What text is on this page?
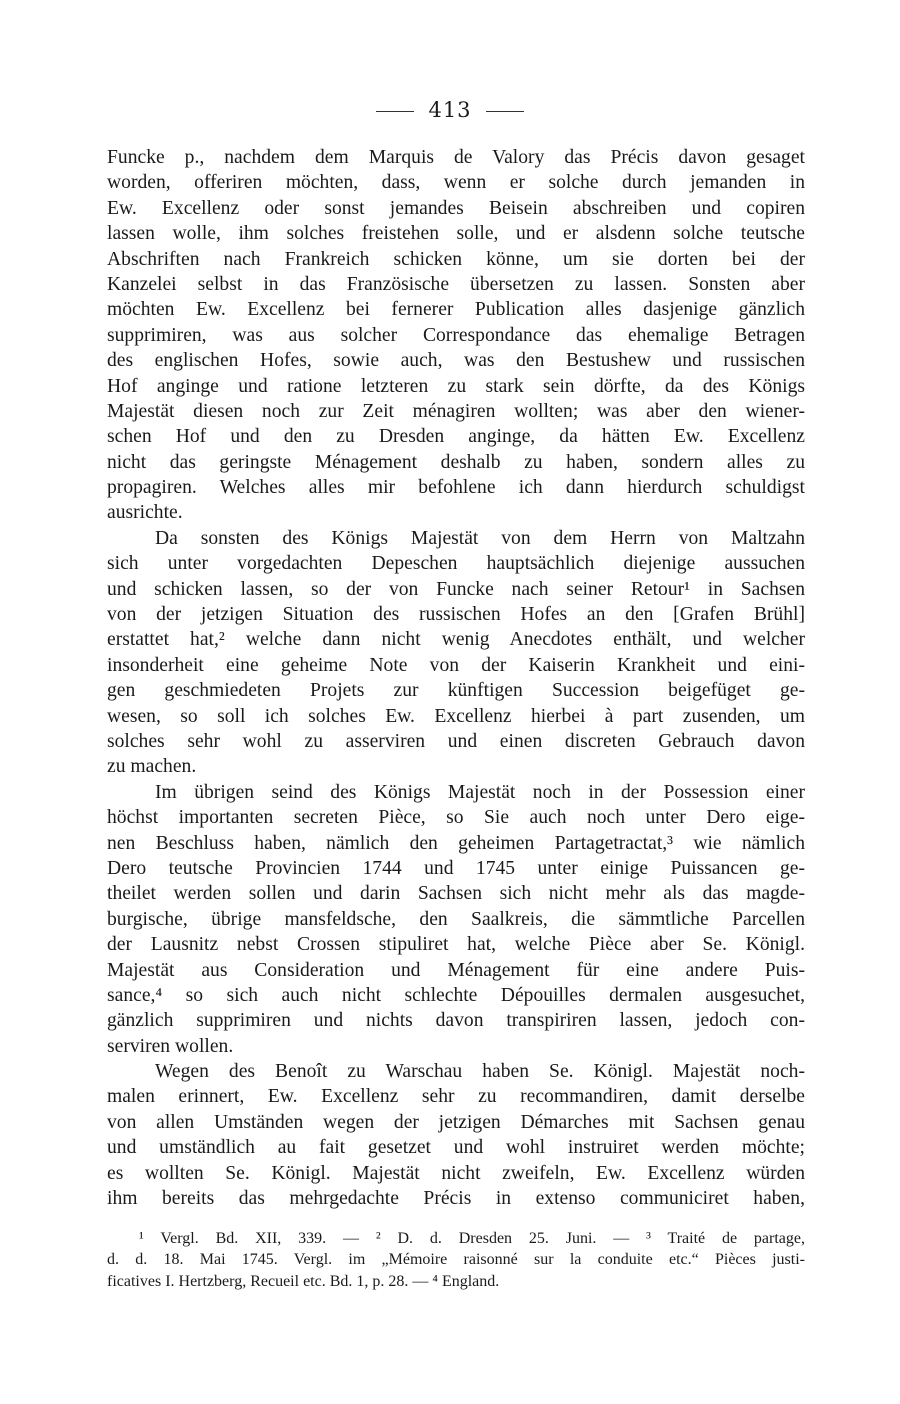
413
Funcke p., nachdem dem Marquis de Valory das Précis davon gesaget
worden, offeriren möchten, dass, wenn er solche durch jemanden in
Ew. Excellenz oder sonst jemandes Beisein abschreiben und copiren
lassen wolle, ihm solches freistehen solle, und er alsdenn solche teutsche
Abschriften nach Frankreich schicken könne, um sie dorten bei der
Kanzelei selbst in das Französische übersetzen zu lassen. Sonsten aber
möchten Ew. Excellenz bei fernerer Publication alles dasjenige gänzlich
supprimiren, was aus solcher Correspondance das ehemalige Betragen
des englischen Hofes, sowie auch, was den Bestushew und russischen
Hof anginge und ratione letzteren zu stark sein dörfte, da des Königs
Majestät diesen noch zur Zeit ménagiren wollten; was aber den wiener-
schen Hof und den zu Dresden anginge, da hätten Ew. Excellenz
nicht das geringste Ménagement deshalb zu haben, sondern alles zu
propagiren. Welches alles mir befohlene ich dann hierdurch schuldigst
ausrichte.
Da sonsten des Königs Majestät von dem Herrn von Maltzahn
sich unter vorgedachten Depeschen hauptsächlich diejenige aussuchen
und schicken lassen, so der von Funcke nach seiner Retour¹ in Sachsen
von der jetzigen Situation des russischen Hofes an den [Grafen Brühl]
erstattet hat,² welche dann nicht wenig Anecdotes enthält, und welcher
insonderheit eine geheime Note von der Kaiserin Krankheit und eini-
gen geschmiedeten Projets zur künftigen Succession beigefüget ge-
wesen, so soll ich solches Ew. Excellenz hierbei à part zusenden, um
solches sehr wohl zu asserviren und einen discreten Gebrauch davon
zu machen.
Im übrigen seind des Königs Majestät noch in der Possession einer
höchst importanten secreten Pièce, so Sie auch noch unter Dero eige-
nen Beschluss haben, nämlich den geheimen Partagetractat,³ wie nämlich
Dero teutsche Provincien 1744 und 1745 unter einige Puissancen ge-
theilet werden sollen und darin Sachsen sich nicht mehr als das magde-
burgische, übrige mansfeldsche, den Saalkreis, die sämmtliche Parcellen
der Lausnitz nebst Crossen stipuliret hat, welche Pièce aber Se. Königl.
Majestät aus Consideration und Ménagement für eine andere Puis-
sance,⁴ so sich auch nicht schlechte Dépouilles dermalen ausgesuchet,
gänzlich supprimiren und nichts davon transpiriren lassen, jedoch con-
serviren wollen.
Wegen des Benoît zu Warschau haben Se. Königl. Majestät noch-
malen erinnert, Ew. Excellenz sehr zu recommandiren, damit derselbe
von allen Umständen wegen der jetzigen Démarches mit Sachsen genau
und umständlich au fait gesetzet und wohl instruiret werden möchte;
es wollten Se. Königl. Majestät nicht zweifeln, Ew. Excellenz würden
ihm bereits das mehrgedachte Précis in extenso communiciret haben,
¹ Vergl. Bd. XII, 339. — ² D. d. Dresden 25. Juni. — ³ Traité de partage,
d. d. 18. Mai 1745. Vergl. im „Mémoire raisonné sur la conduite etc.“ Pièces justi-
ficatives I. Hertzberg, Recueil etc. Bd. 1, p. 28. — ⁴ England.
